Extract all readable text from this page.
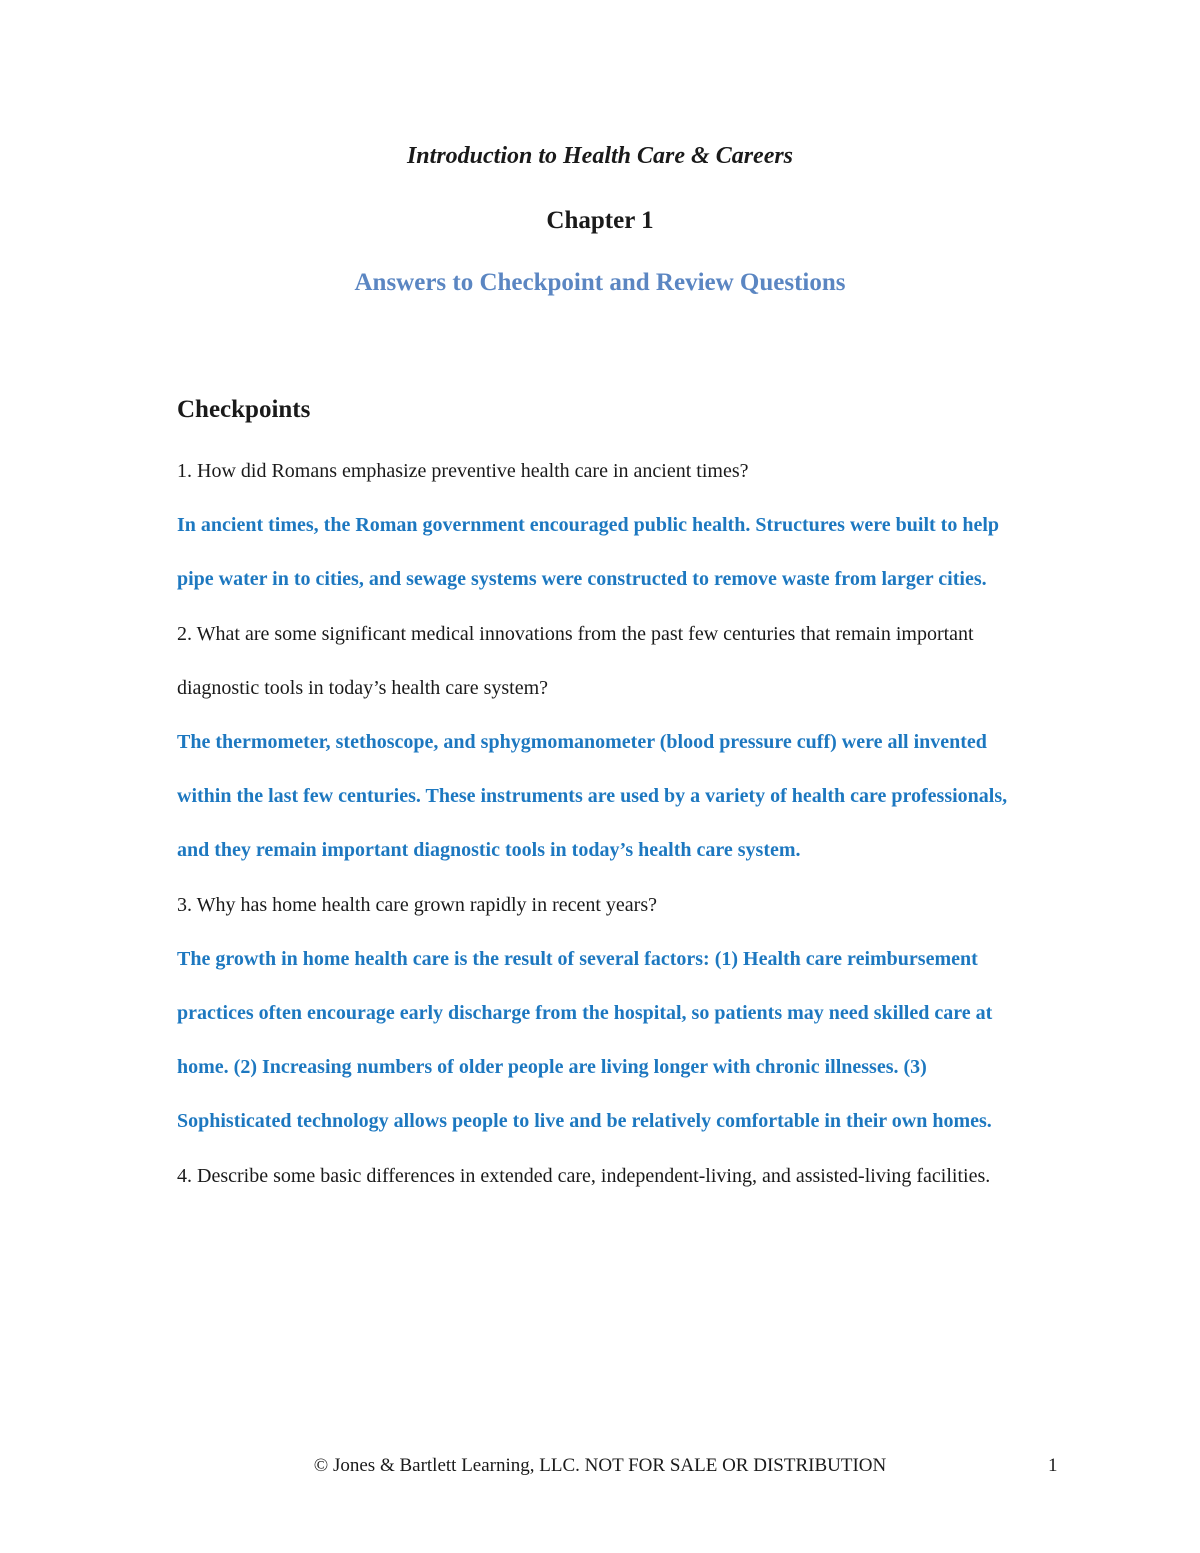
Introduction to Health Care & Careers
Chapter 1
Answers to Checkpoint and Review Questions
Checkpoints

1. How did Romans emphasize preventive health care in ancient times?

In ancient times, the Roman government encouraged public health. Structures were built to help pipe water in to cities, and sewage systems were constructed to remove waste from larger cities.

2. What are some significant medical innovations from the past few centuries that remain important diagnostic tools in today’s health care system?

The thermometer, stethoscope, and sphygmomanometer (blood pressure cuff) were all invented within the last few centuries. These instruments are used by a variety of health care professionals, and they remain important diagnostic tools in today’s health care system.

3. Why has home health care grown rapidly in recent years?

The growth in home health care is the result of several factors: (1) Health care reimbursement practices often encourage early discharge from the hospital, so patients may need skilled care at home. (2) Increasing numbers of older people are living longer with chronic illnesses. (3) Sophisticated technology allows people to live and be relatively comfortable in their own homes.

4. Describe some basic differences in extended care, independent-living, and assisted-living facilities.

© Jones & Bartlett Learning, LLC. NOT FOR SALE OR DISTRIBUTION	1
